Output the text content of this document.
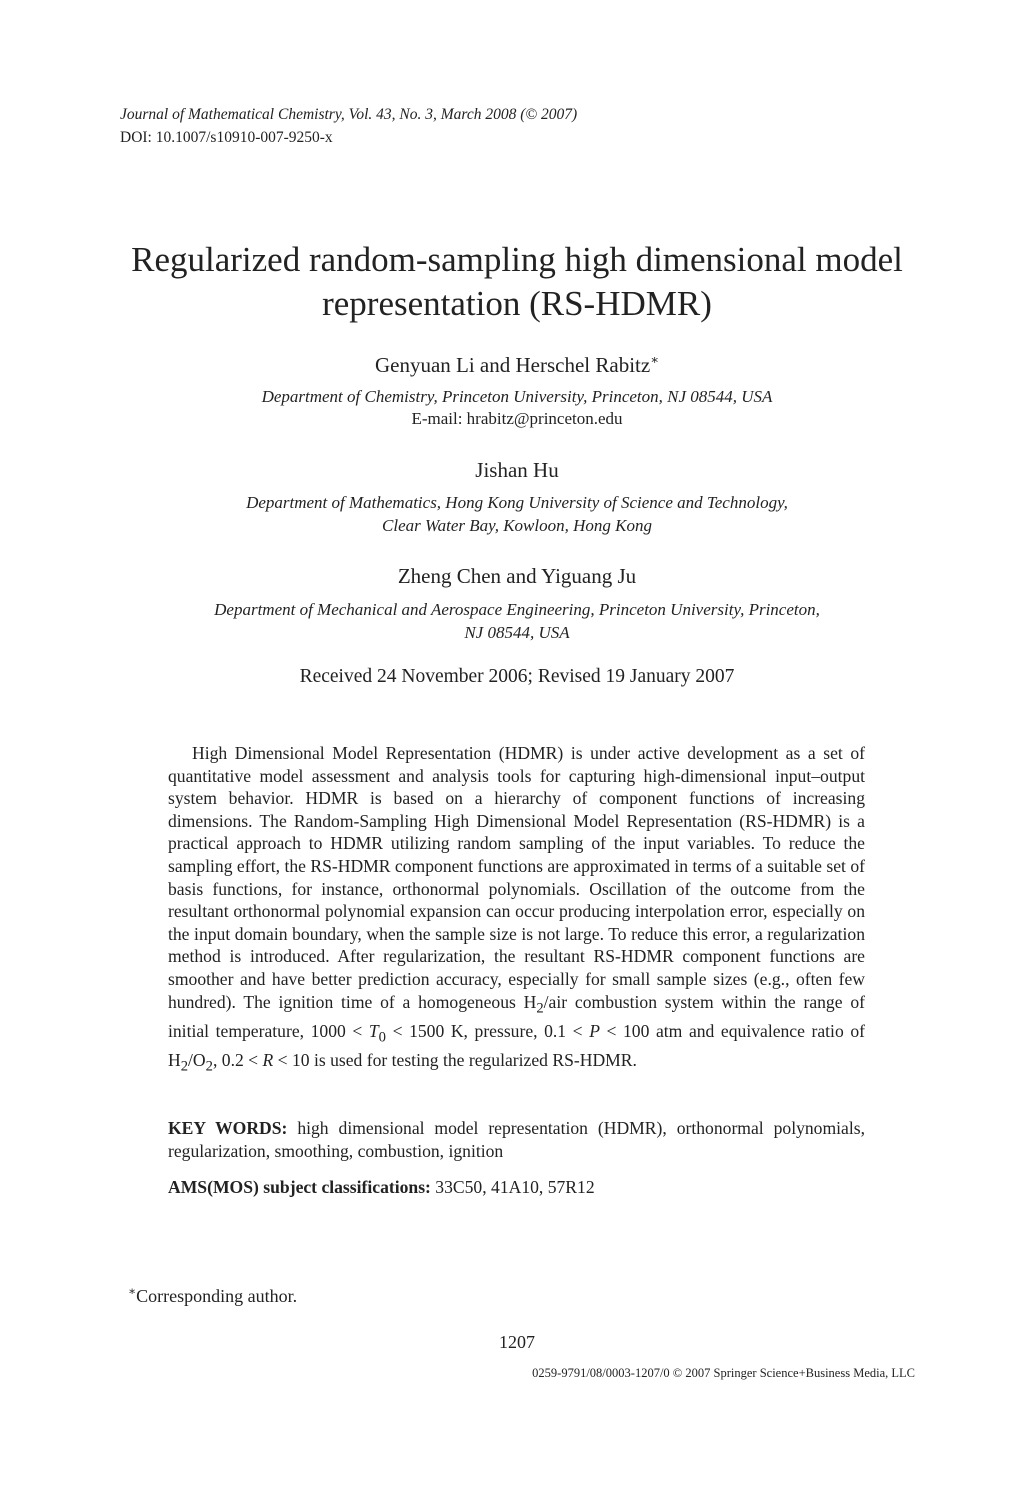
Journal of Mathematical Chemistry, Vol. 43, No. 3, March 2008 (© 2007)
DOI: 10.1007/s10910-007-9250-x
Regularized random-sampling high dimensional model
representation (RS-HDMR)
Genyuan Li and Herschel Rabitz∗
Department of Chemistry, Princeton University, Princeton, NJ 08544, USA
E-mail: hrabitz@princeton.edu
Jishan Hu
Department of Mathematics, Hong Kong University of Science and Technology,
Clear Water Bay, Kowloon, Hong Kong
Zheng Chen and Yiguang Ju
Department of Mechanical and Aerospace Engineering, Princeton University, Princeton,
NJ 08544, USA
Received 24 November 2006; Revised 19 January 2007
High Dimensional Model Representation (HDMR) is under active development as a set of quantitative model assessment and analysis tools for capturing high-dimensional input–output system behavior. HDMR is based on a hierarchy of component functions of increasing dimensions. The Random-Sampling High Dimensional Model Representation (RS-HDMR) is a practical approach to HDMR utilizing random sampling of the input variables. To reduce the sampling effort, the RS-HDMR component functions are approximated in terms of a suitable set of basis functions, for instance, orthonormal polynomials. Oscillation of the outcome from the resultant orthonormal polynomial expansion can occur producing interpolation error, especially on the input domain boundary, when the sample size is not large. To reduce this error, a regularization method is introduced. After regularization, the resultant RS-HDMR component functions are smoother and have better prediction accuracy, especially for small sample sizes (e.g., often few hundred). The ignition time of a homogeneous $H_2$/air combustion system within the range of initial temperature, $1000 < T_0 < 1500$ K, pressure, 0.1 < P < 100 atm and equivalence ratio of $H_2/O_2$, 0.2 < R < 10 is used for testing the regularized RS-HDMR.
KEY WORDS: high dimensional model representation (HDMR), orthonormal polynomials, regularization, smoothing, combustion, ignition
AMS(MOS) subject classifications: 33C50, 41A10, 57R12
∗Corresponding author.
1207
0259-9791/08/0003-1207/0 © 2007 Springer Science+Business Media, LLC
